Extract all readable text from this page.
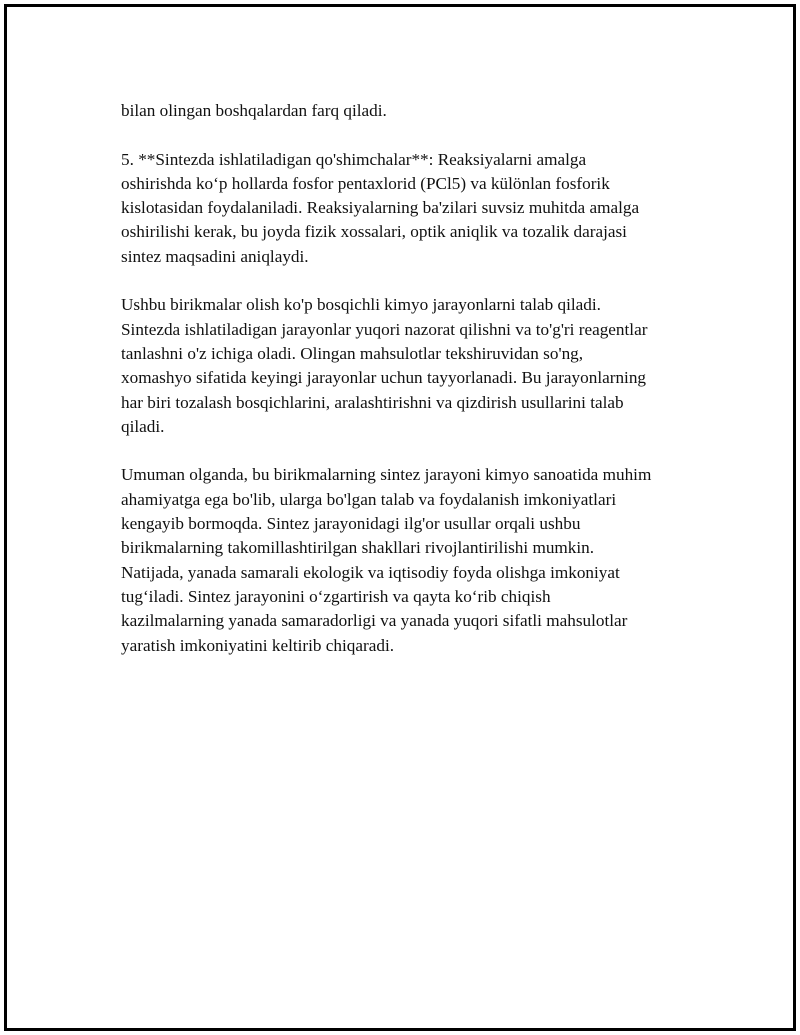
bilan olingan boshqalardan farq qiladi.

5. **Sintezda ishlatiladigan qo'shimchalar**: Reaksiyalarni amalga
oshirishda ko‘p hollarda fosfor pentaxlorid (PCl5) va különlan fosforik
kislotasidan foydalaniladi. Reaksiyalarning ba'zilari suvsiz muhitda amalga
oshirilishi kerak, bu joyda fizik xossalari, optik aniqlik va tozalik darajasi
sintez maqsadini aniqlaydi.

Ushbu birikmalar olish ko'p bosqichli kimyo jarayonlarni talab qiladi.
Sintezda ishlatiladigan jarayonlar yuqori nazorat qilishni va to'g'ri reagentlar
tanlashni o'z ichiga oladi. Olingan mahsulotlar tekshiruvidan so'ng,
xomashyo sifatida keyingi jarayonlar uchun tayyorlanadi. Bu jarayonlarning
har biri tozalash bosqichlarini, aralashtirishni va qizdirish usullarini talab
qiladi.

Umuman olganda, bu birikmalarning sintez jarayoni kimyo sanoatida muhim
ahamiyatga ega bo'lib, ularga bo'lgan talab va foydalanish imkoniyatlari
kengayib bormoqda. Sintez jarayonidagi ilg'or usullar orqali ushbu
birikmalarning takomillashtirilgan shakllari rivojlantirilishi mumkin.
Natijada, yanada samarali ekologik va iqtisodiy foyda olishga imkoniyat
tug‘iladi. Sintez jarayonini o‘zgartirish va qayta ko‘rib chiqish
kazilmalarning yanada samaradorligi va yanada yuqori sifatli mahsulotlar
yaratish imkoniyatini keltirib chiqaradi.
